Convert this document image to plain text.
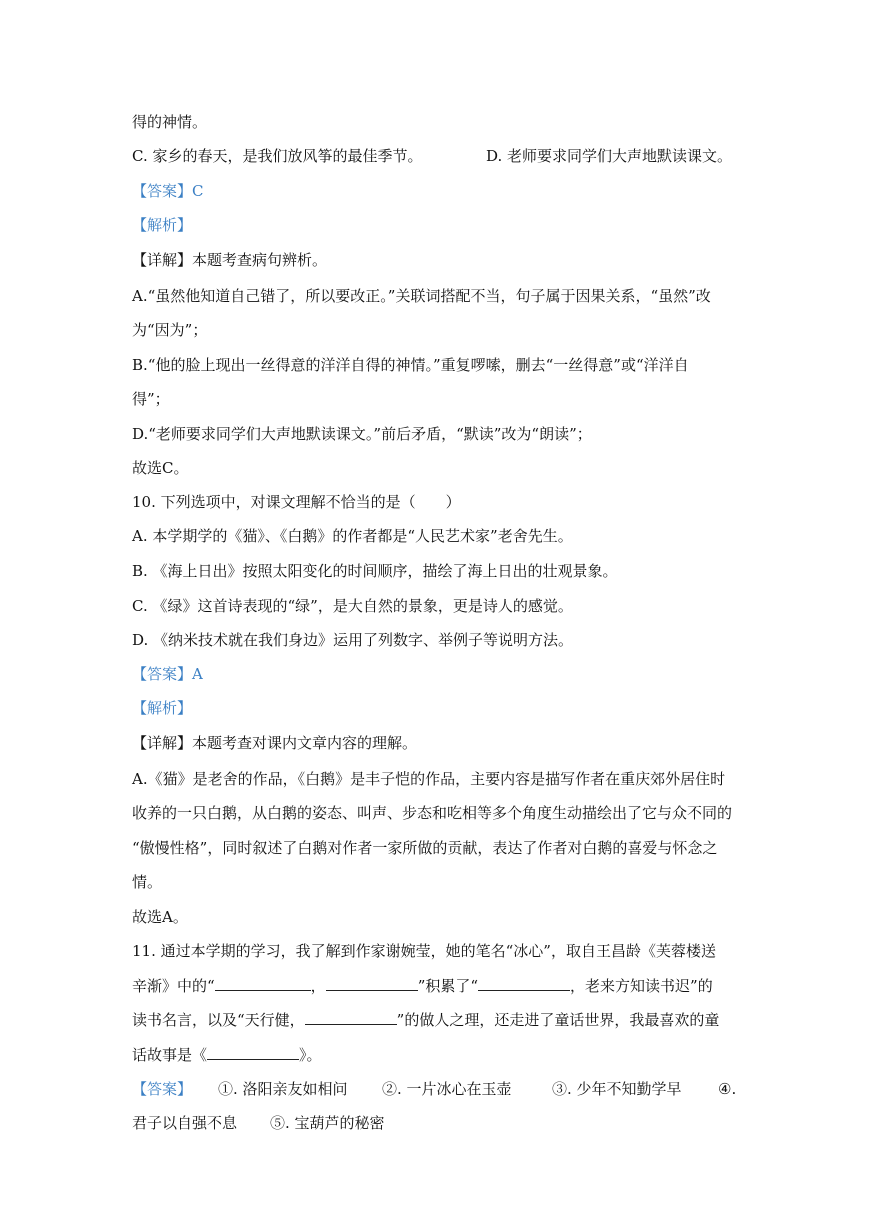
得的神情。
C. 家乡的春天，是我们放风筝的最佳季节。	D. 老师要求同学们大声地默读课文。
【答案】C
【解析】
【详解】本题考查病句辨析。
A.“虽然他知道自己错了，所以要改正。”关联词搭配不当，句子属于因果关系，“虽然”改
为“因为”；
B.“他的脸上现出一丝得意的洋洋自得的神情。”重复啰嗦，删去“一丝得意”或“洋洋自
得”；
D.“老师要求同学们大声地默读课文。”前后矛盾，“默读”改为“朗读”；
故选C。
10. 下列选项中，对课文理解不恰当的是（　　）
A. 本学期学的《猫》、《白鹅》的作者都是“人民艺术家”老舍先生。
B. 《海上日出》按照太阳变化的时间顺序，描绘了海上日出的壮观景象。
C. 《绿》这首诗表现的“绿”，是大自然的景象，更是诗人的感觉。
D. 《纳米技术就在我们身边》运用了列数字、举例子等说明方法。
【答案】A
【解析】
【详解】本题考查对课内文章内容的理解。
A.《猫》是老舍的作品，《白鹅》是丰子恺的作品，主要内容是描写作者在重庆郊外居住时
收养的一只白鹅，从白鹅的姿态、叫声、步态和吃相等多个角度生动描绘出了它与众不同的
“傲慢性格”，同时叙述了白鹅对作者一家所做的贡献，表达了作者对白鹅的喜爱与怀念之
情。
故选A。
11. 通过本学期的学习，我了解到作家谢婉莹，她的笔名“冰心”，取自王昌龄《芙蓉楼送
辛渐》中的“	，	”积累了“	，老来方知读书迟”的
读书名言，以及“天行健，	”的做人之理，还走进了童话世界，我最喜欢的童
话故事是《	》。
【答案】 ①. 洛阳亲友如相问 ②. 一片冰心在玉壶	③. 少年不知勤学早 ④.
君子以自强不息 ⑤. 宝葫芦的秘密
